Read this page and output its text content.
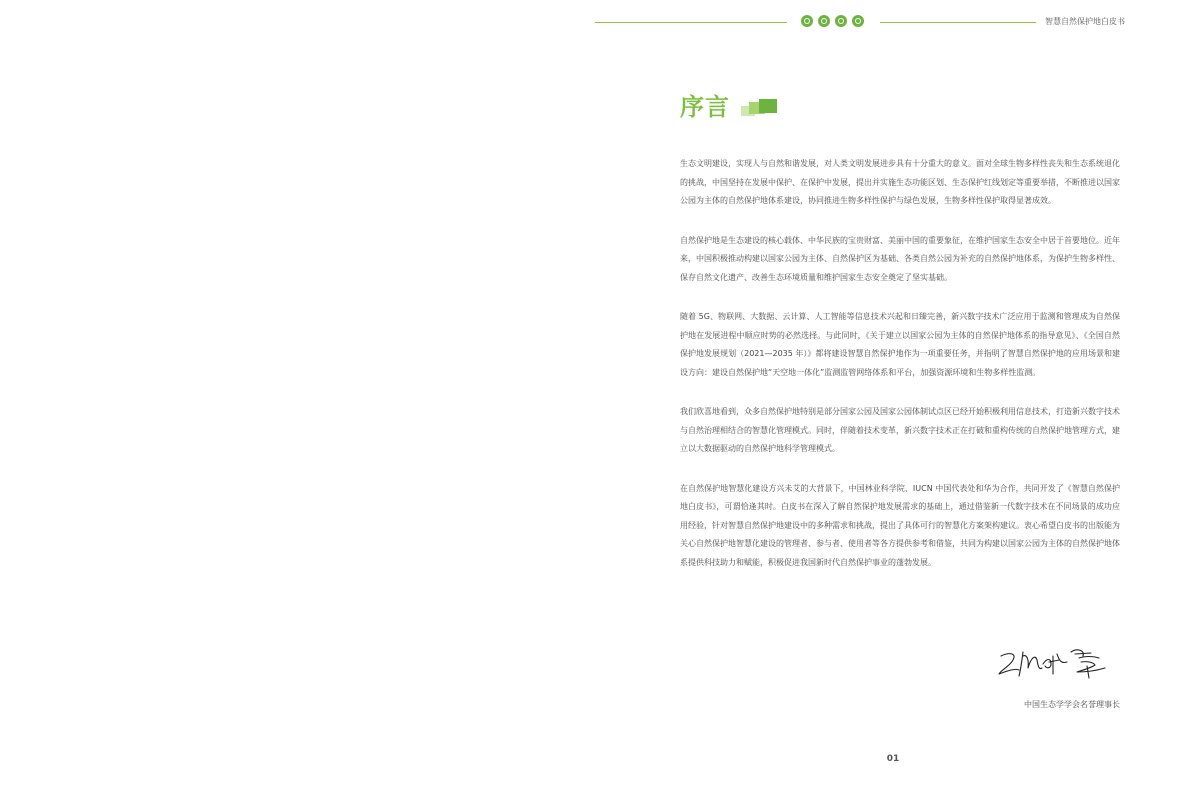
智慧自然保护地白皮书
序言

生态文明建设，实现人与自然和谐发展，对人类文明发展进步具有十分重大的意义。面对全球生物多样性丧失和生态系统退化的挑战，中国坚持在发展中保护、在保护中发展，提出并实施生态功能区划、生态保护红线划定等重要举措，不断推进以国家公园为主体的自然保护地体系建设，协同推进生物多样性保护与绿色发展，生物多样性保护取得显著成效。

自然保护地是生态建设的核心载体、中华民族的宝贵财富、美丽中国的重要象征，在维护国家生态安全中居于首要地位。近年来，中国积极推动构建以国家公园为主体、自然保护区为基础、各类自然公园为补充的自然保护地体系，为保护生物多样性、保存自然文化遗产、改善生态环境质量和维护国家生态安全奠定了坚实基础。

随着 5G、物联网、大数据、云计算、人工智能等信息技术兴起和日臻完善，新兴数字技术广泛应用于监测和管理成为自然保护地在发展进程中顺应时势的必然选择。与此同时，《关于建立以国家公园为主体的自然保护地体系的指导意见》、《全国自然保护地发展规划（2021—2035 年）》都将建设智慧自然保护地作为一项重要任务，并指明了智慧自然保护地的应用场景和建设方向：建设自然保护地“天空地一体化”监测监管网络体系和平台，加强资源环境和生物多样性监测。

我们欣喜地看到，众多自然保护地特别是部分国家公园及国家公园体制试点区已经开始积极利用信息技术，打造新兴数字技术与自然治理相结合的智慧化管理模式。同时，伴随着技术变革，新兴数字技术正在打破和重构传统的自然保护地管理方式，建立以大数据驱动的自然保护地科学管理模式。

在自然保护地智慧化建设方兴未艾的大背景下，中国林业科学院、IUCN 中国代表处和华为合作，共同开发了《智慧自然保护地白皮书》，可谓恰逢其时。白皮书在深入了解自然保护地发展需求的基础上，通过借鉴新一代数字技术在不同场景的成功应用经验，针对智慧自然保护地建设中的多种需求和挑战，提出了具体可行的智慧化方案架构建议。衷心希望白皮书的出版能为关心自然保护地智慧化建设的管理者、参与者、使用者等各方提供参考和借鉴，共同为构建以国家公园为主体的自然保护地体系提供科技助力和赋能，积极促进我国新时代自然保护事业的蓬勃发展。

中国生态学学会名誉理事长
01
